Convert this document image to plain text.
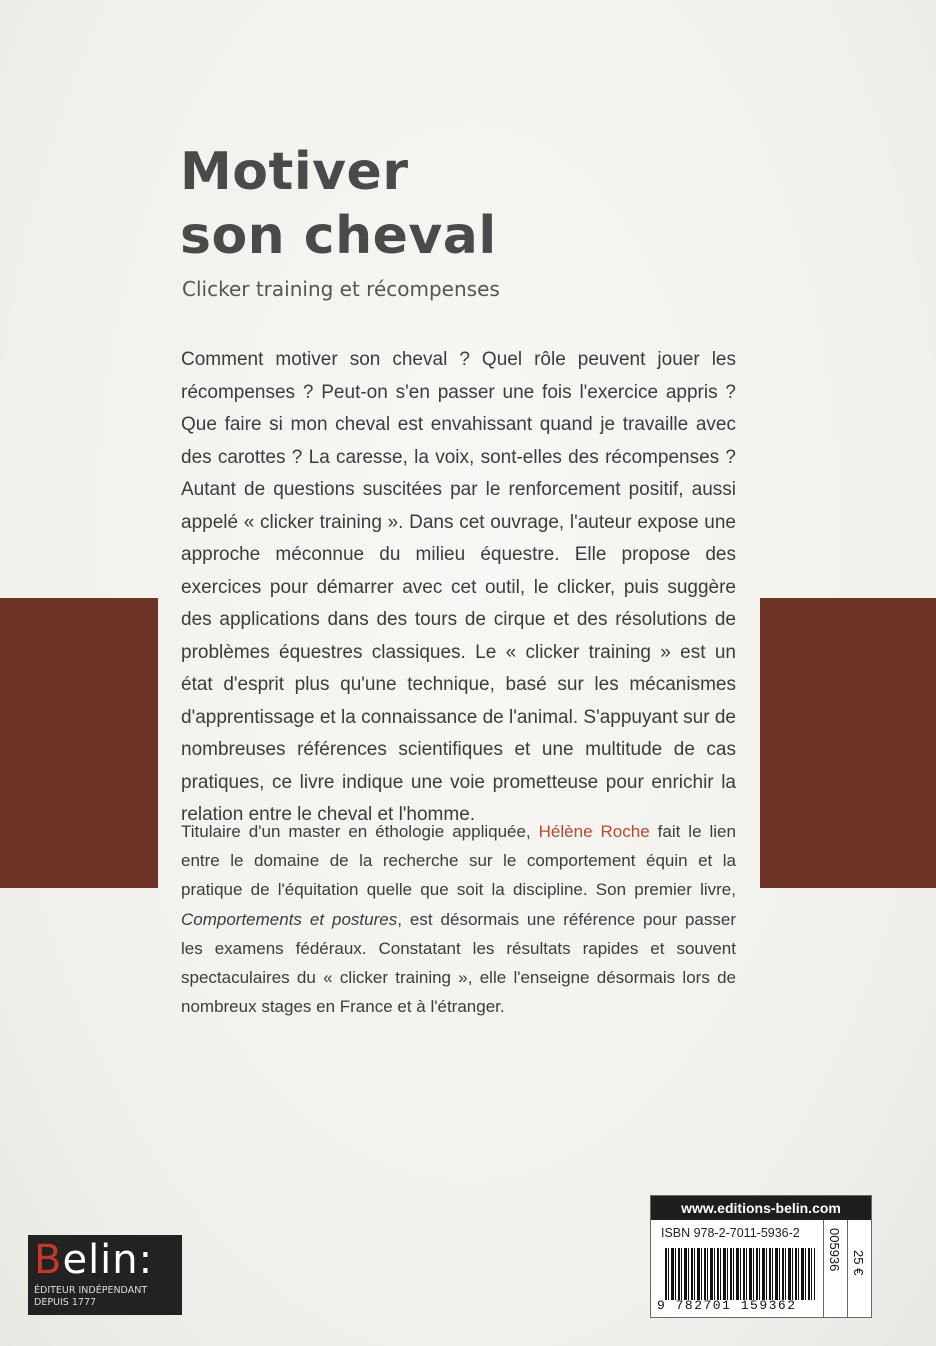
Motiver
son cheval

Clicker training et récompenses

Comment motiver son cheval ? Quel rôle peuvent jouer les récompenses ? Peut-on s'en passer une fois l'exercice appris ? Que faire si mon cheval est envahissant quand je travaille avec des carottes ? La caresse, la voix, sont-elles des récompenses ? Autant de questions suscitées par le renforcement positif, aussi appelé « clicker training ». Dans cet ouvrage, l'auteur expose une approche méconnue du milieu équestre. Elle propose des exercices pour démarrer avec cet outil, le clicker, puis suggère des applications dans des tours de cirque et des résolutions de problèmes équestres classiques. Le « clicker training » est un état d'esprit plus qu'une technique, basé sur les mécanismes d'apprentissage et la connaissance de l'animal. S'appuyant sur de nombreuses références scientifiques et une multitude de cas pratiques, ce livre indique une voie prometteuse pour enrichir la relation entre le cheval et l'homme.

Titulaire d'un master en éthologie appliquée, Hélène Roche fait le lien entre le domaine de la recherche sur le comportement équin et la pratique de l'équitation quelle que soit la discipline. Son premier livre, Comportements et postures, est désormais une référence pour passer les examens fédéraux. Constatant les résultats rapides et souvent spectaculaires du « clicker training », elle l'enseigne désormais lors de nombreux stages en France et à l'étranger.

Belin:
ÉDITEUR INDÉPENDANT
DEPUIS 1777
www.editions-belin.com
ISBN 978-2-7011-5936-2
9 782701 159362
005936 25 €
